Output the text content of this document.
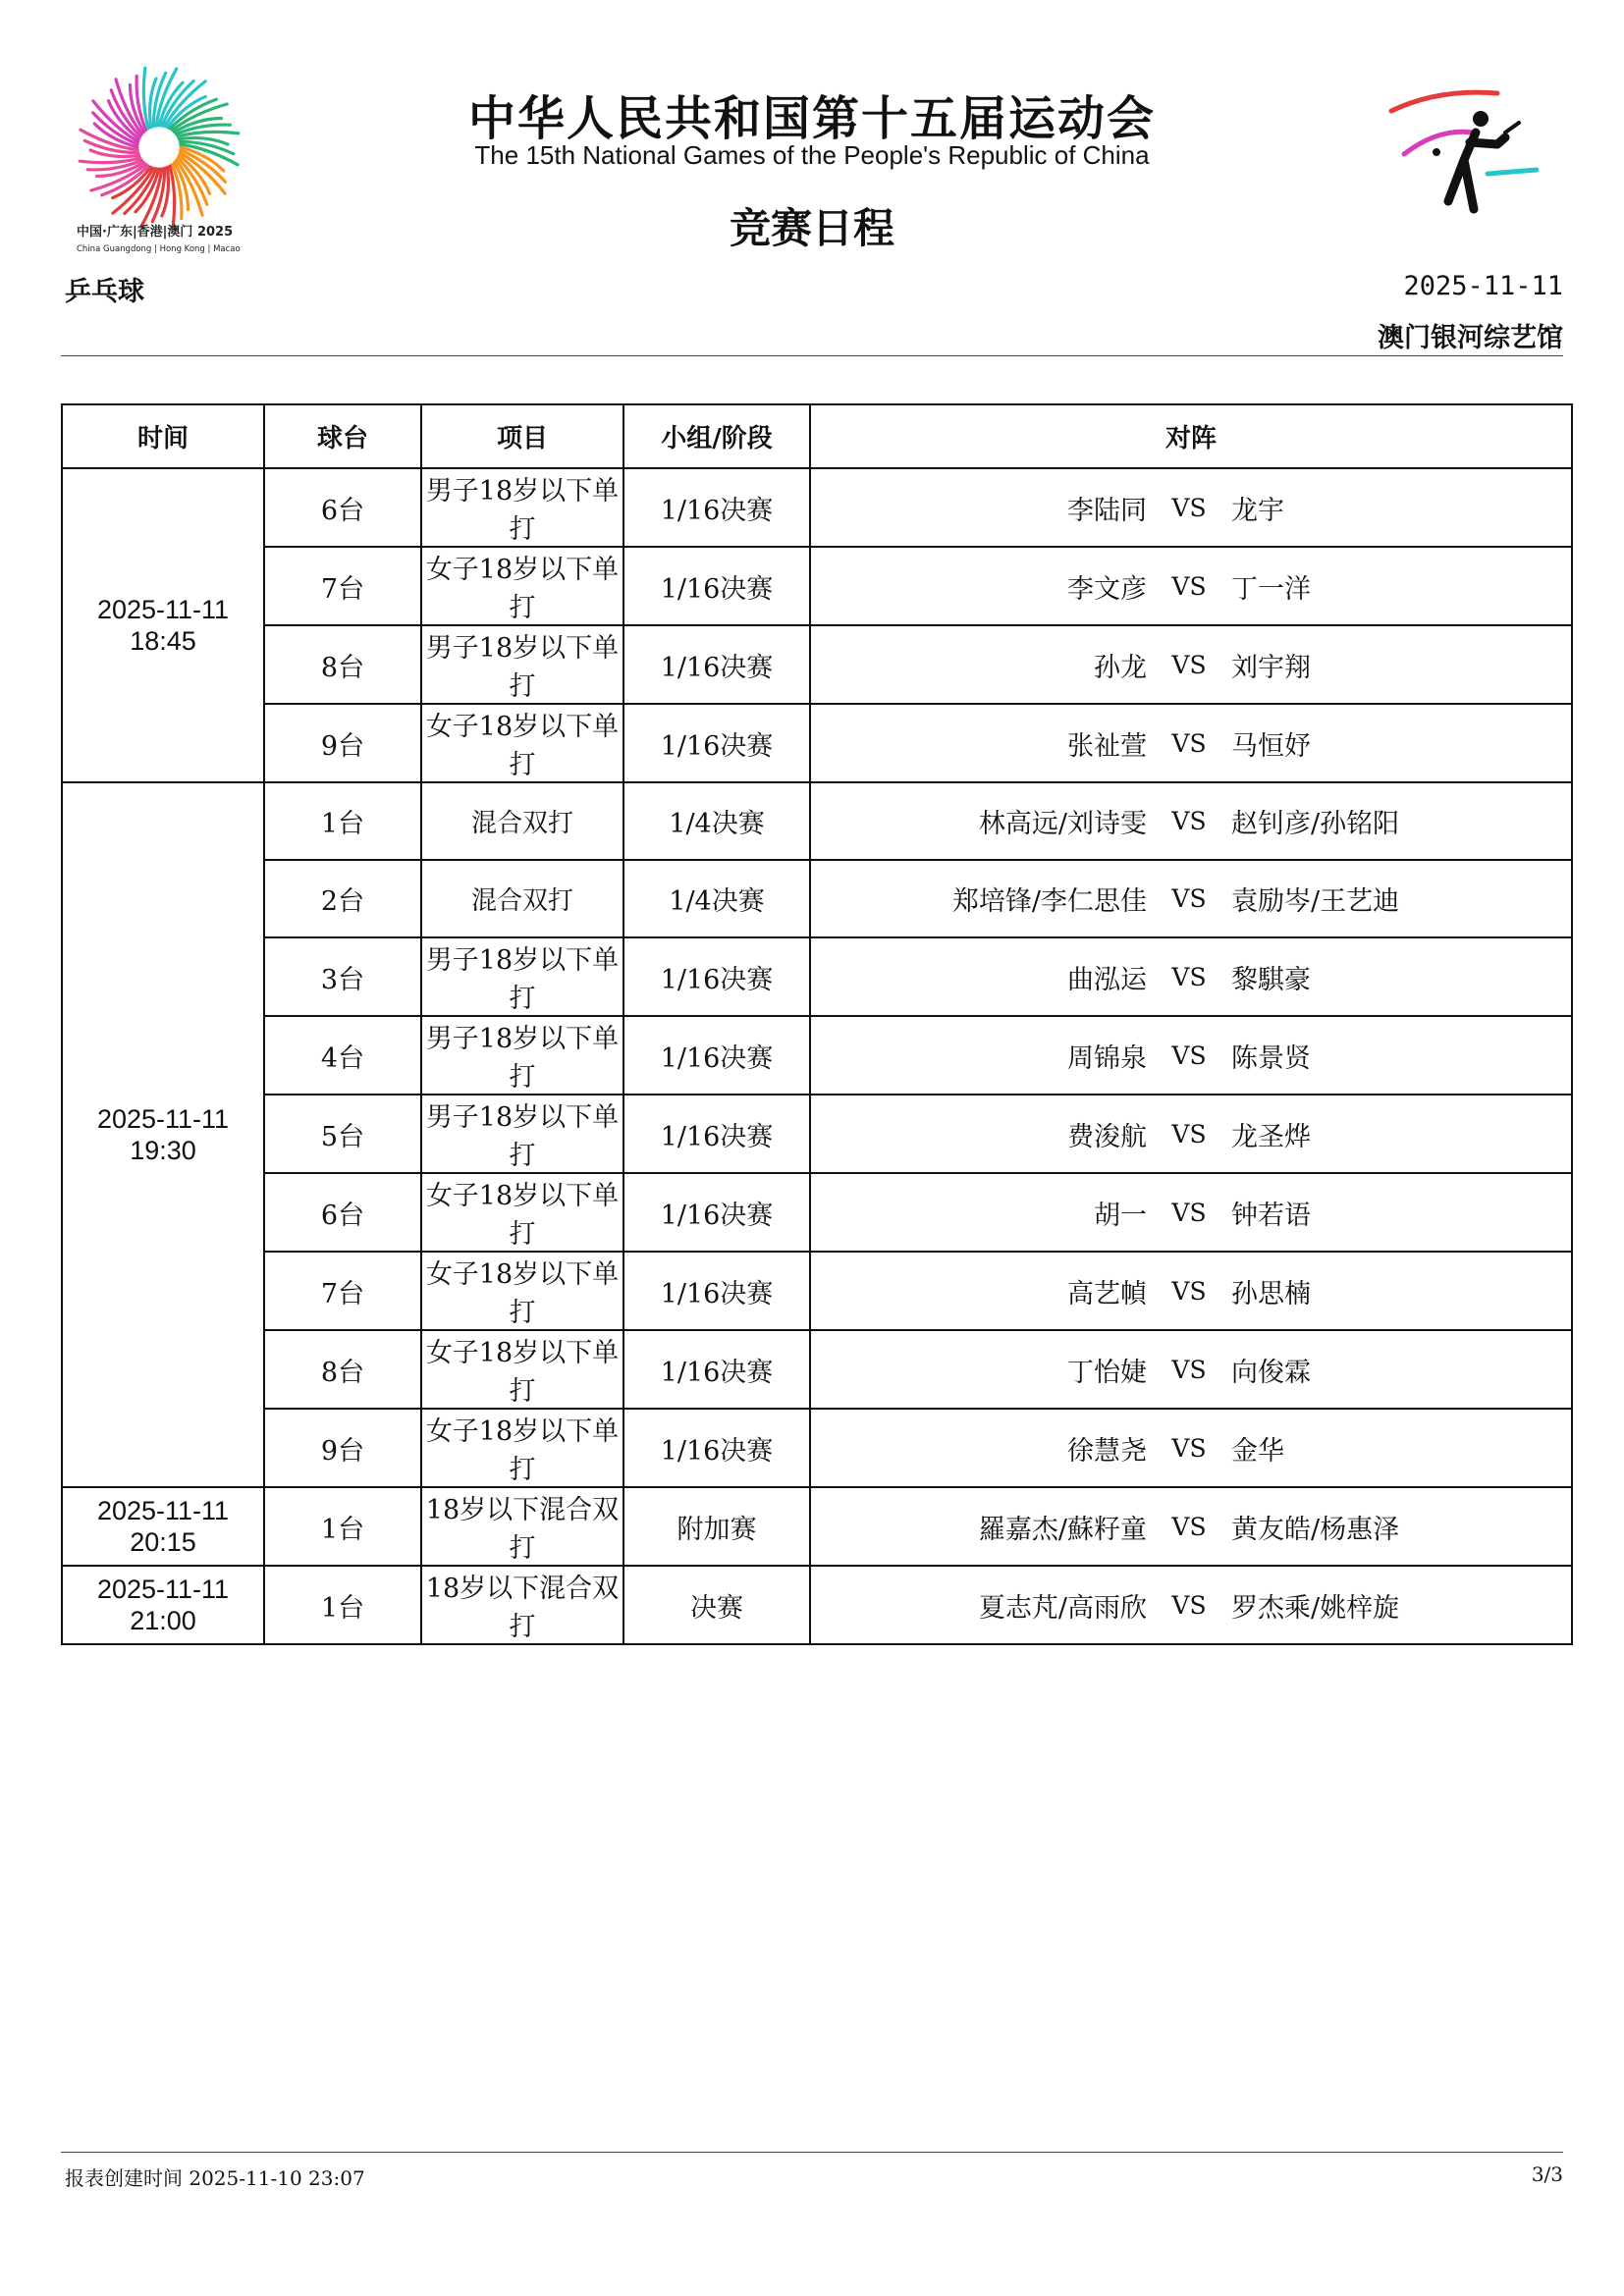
中国·广东|香港|澳门 2025
China Guangdong | Hong Kong | Macao
中华人民共和国第十五届运动会
The 15th National Games of the People's Republic of China
竞赛日程
乒乓球	2025-11-11
澳门银河综艺馆
时间	球台	项目	小组/阶段	对阵
2025-11-11
18:45	6台	男子18岁以下单打	1/16决赛	李陆同 VS 龙宇

	7台	女子18岁以下单打	1/16决赛	李文彦 VS 丁一洋

	8台	男子18岁以下单打	1/16决赛	孙龙 VS 刘宇翔

	9台	女子18岁以下单打	1/16决赛	张祉萱 VS 马恒妤

2025-11-11
19:30	1台	混合双打	1/4决赛	林高远/刘诗雯 VS 赵钊彦/孙铭阳

	2台	混合双打	1/4决赛	郑培锋/李仁思佳 VS 袁励岑/王艺迪

	3台	男子18岁以下单打	1/16决赛	曲泓运 VS 黎騏豪

	4台	男子18岁以下单打	1/16决赛	周锦泉 VS 陈景贤

	5台	男子18岁以下单打	1/16决赛	费浚航 VS 龙圣烨

	6台	女子18岁以下单打	1/16决赛	胡一 VS 钟若语

	7台	女子18岁以下单打	1/16决赛	高艺幀 VS 孙思楠

	8台	女子18岁以下单打	1/16决赛	丁怡婕 VS 向俊霖

	9台	女子18岁以下单打	1/16决赛	徐慧尧 VS 金华

2025-11-11
20:15	1台	18岁以下混合双打	附加赛	羅嘉杰/蘇籽童 VS 黄友皓/杨惠泽

2025-11-11
21:00	1台	18岁以下混合双打	决赛	夏志芃/高雨欣 VS 罗杰乘/姚梓旋
报表创建时间 2025-11-10 23:07	3/3
